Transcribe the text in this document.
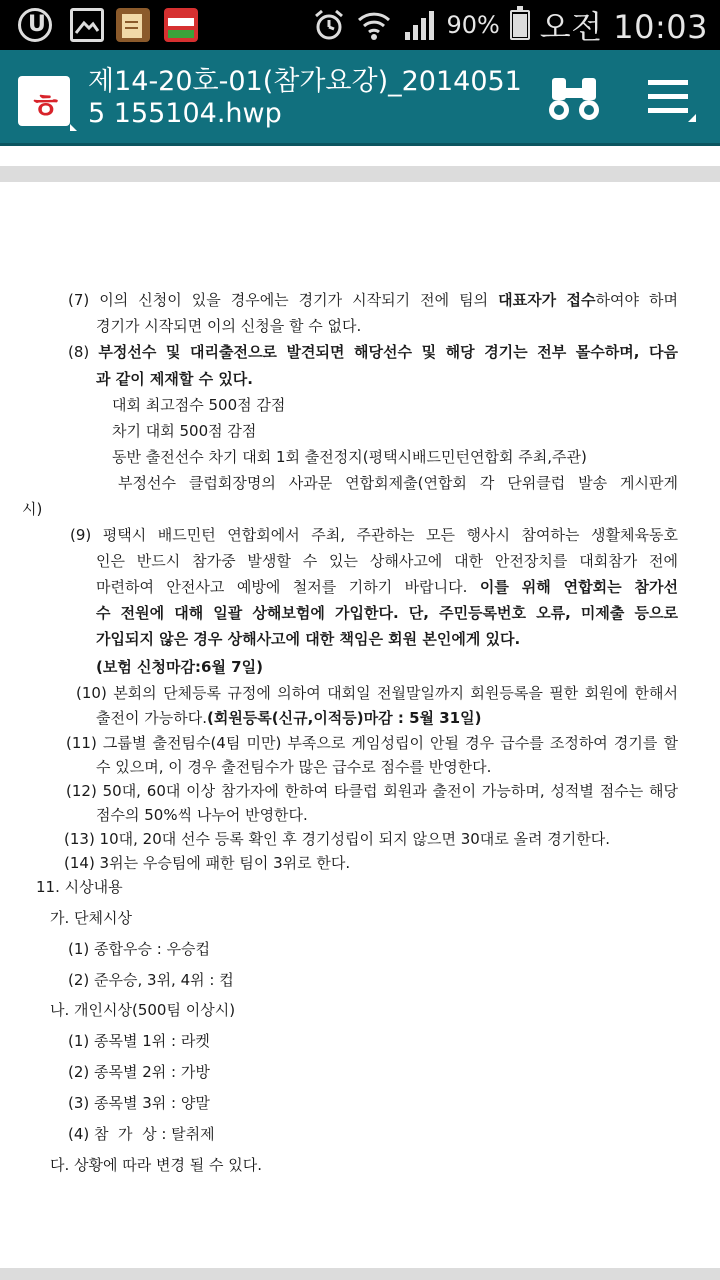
U	90% 오전 10:03
ㅎ
제14-20호-01(참가요강)_20140515 155104.hwp
(7) 이의 신청이 있을 경우에는 경기가 시작되기 전에 팀의 대표자가 접수하여야 하며
경기가 시작되면 이의 신청을 할 수 없다.
(8) 부정선수 및 대리출전으로 발견되면 해당선수 및 해당 경기는 전부 몰수하며, 다음
과 같이 제재할 수 있다.
대회 최고점수 500점 감점
차기 대회 500점 감점
동반 출전선수 차기 대회 1회 출전정지(평택시배드민턴연합회 주최,주관)
부정선수 클럽회장명의 사과문 연합회제출(연합회 각 단위클럽 발송 게시판게
시)
(9) 평택시 배드민턴 연합회에서 주최, 주관하는 모든 행사시 참여하는 생활체육동호
인은 반드시 참가중 발생할 수 있는 상해사고에 대한 안전장치를 대회참가 전에
마련하여 안전사고 예방에 철저를 기하기 바랍니다. 이를 위해 연합회는 참가선
수 전원에 대해 일괄 상해보험에 가입한다. 단, 주민등록번호 오류, 미제출 등으로
가입되지 않은 경우 상해사고에 대한 책임은 회원 본인에게 있다.
(보험 신청마감:6월 7일)
(10) 본회의 단체등록 규정에 의하여 대회일 전월말일까지 회원등록을 필한 회원에 한해서
출전이 가능하다.(회원등록(신규,이적등)마감 : 5월 31일)
(11) 그룹별 출전팀수(4팀 미만) 부족으로 게임성립이 안될 경우 급수를 조정하여 경기를 할
수 있으며, 이 경우 출전팀수가 많은 급수로 점수를 반영한다.
(12) 50대, 60대 이상 참가자에 한하여 타클럽 회원과 출전이 가능하며, 성적별 점수는 해당
점수의 50%씩 나누어 반영한다.
(13) 10대, 20대 선수 등록 확인 후 경기성립이 되지 않으면 30대로 올려 경기한다.
(14) 3위는 우승팀에 패한 팀이 3위로 한다.
11. 시상내용
가. 단체시상
(1) 종합우승 : 우승컵
(2) 준우승, 3위, 4위 : 컵
나. 개인시상(500팀 이상시)
(1) 종목별 1위 : 라켓
(2) 종목별 2위 : 가방
(3) 종목별 3위 : 양말
(4) 참  가  상 : 탈취제
다. 상황에 따라 변경 될 수 있다.
